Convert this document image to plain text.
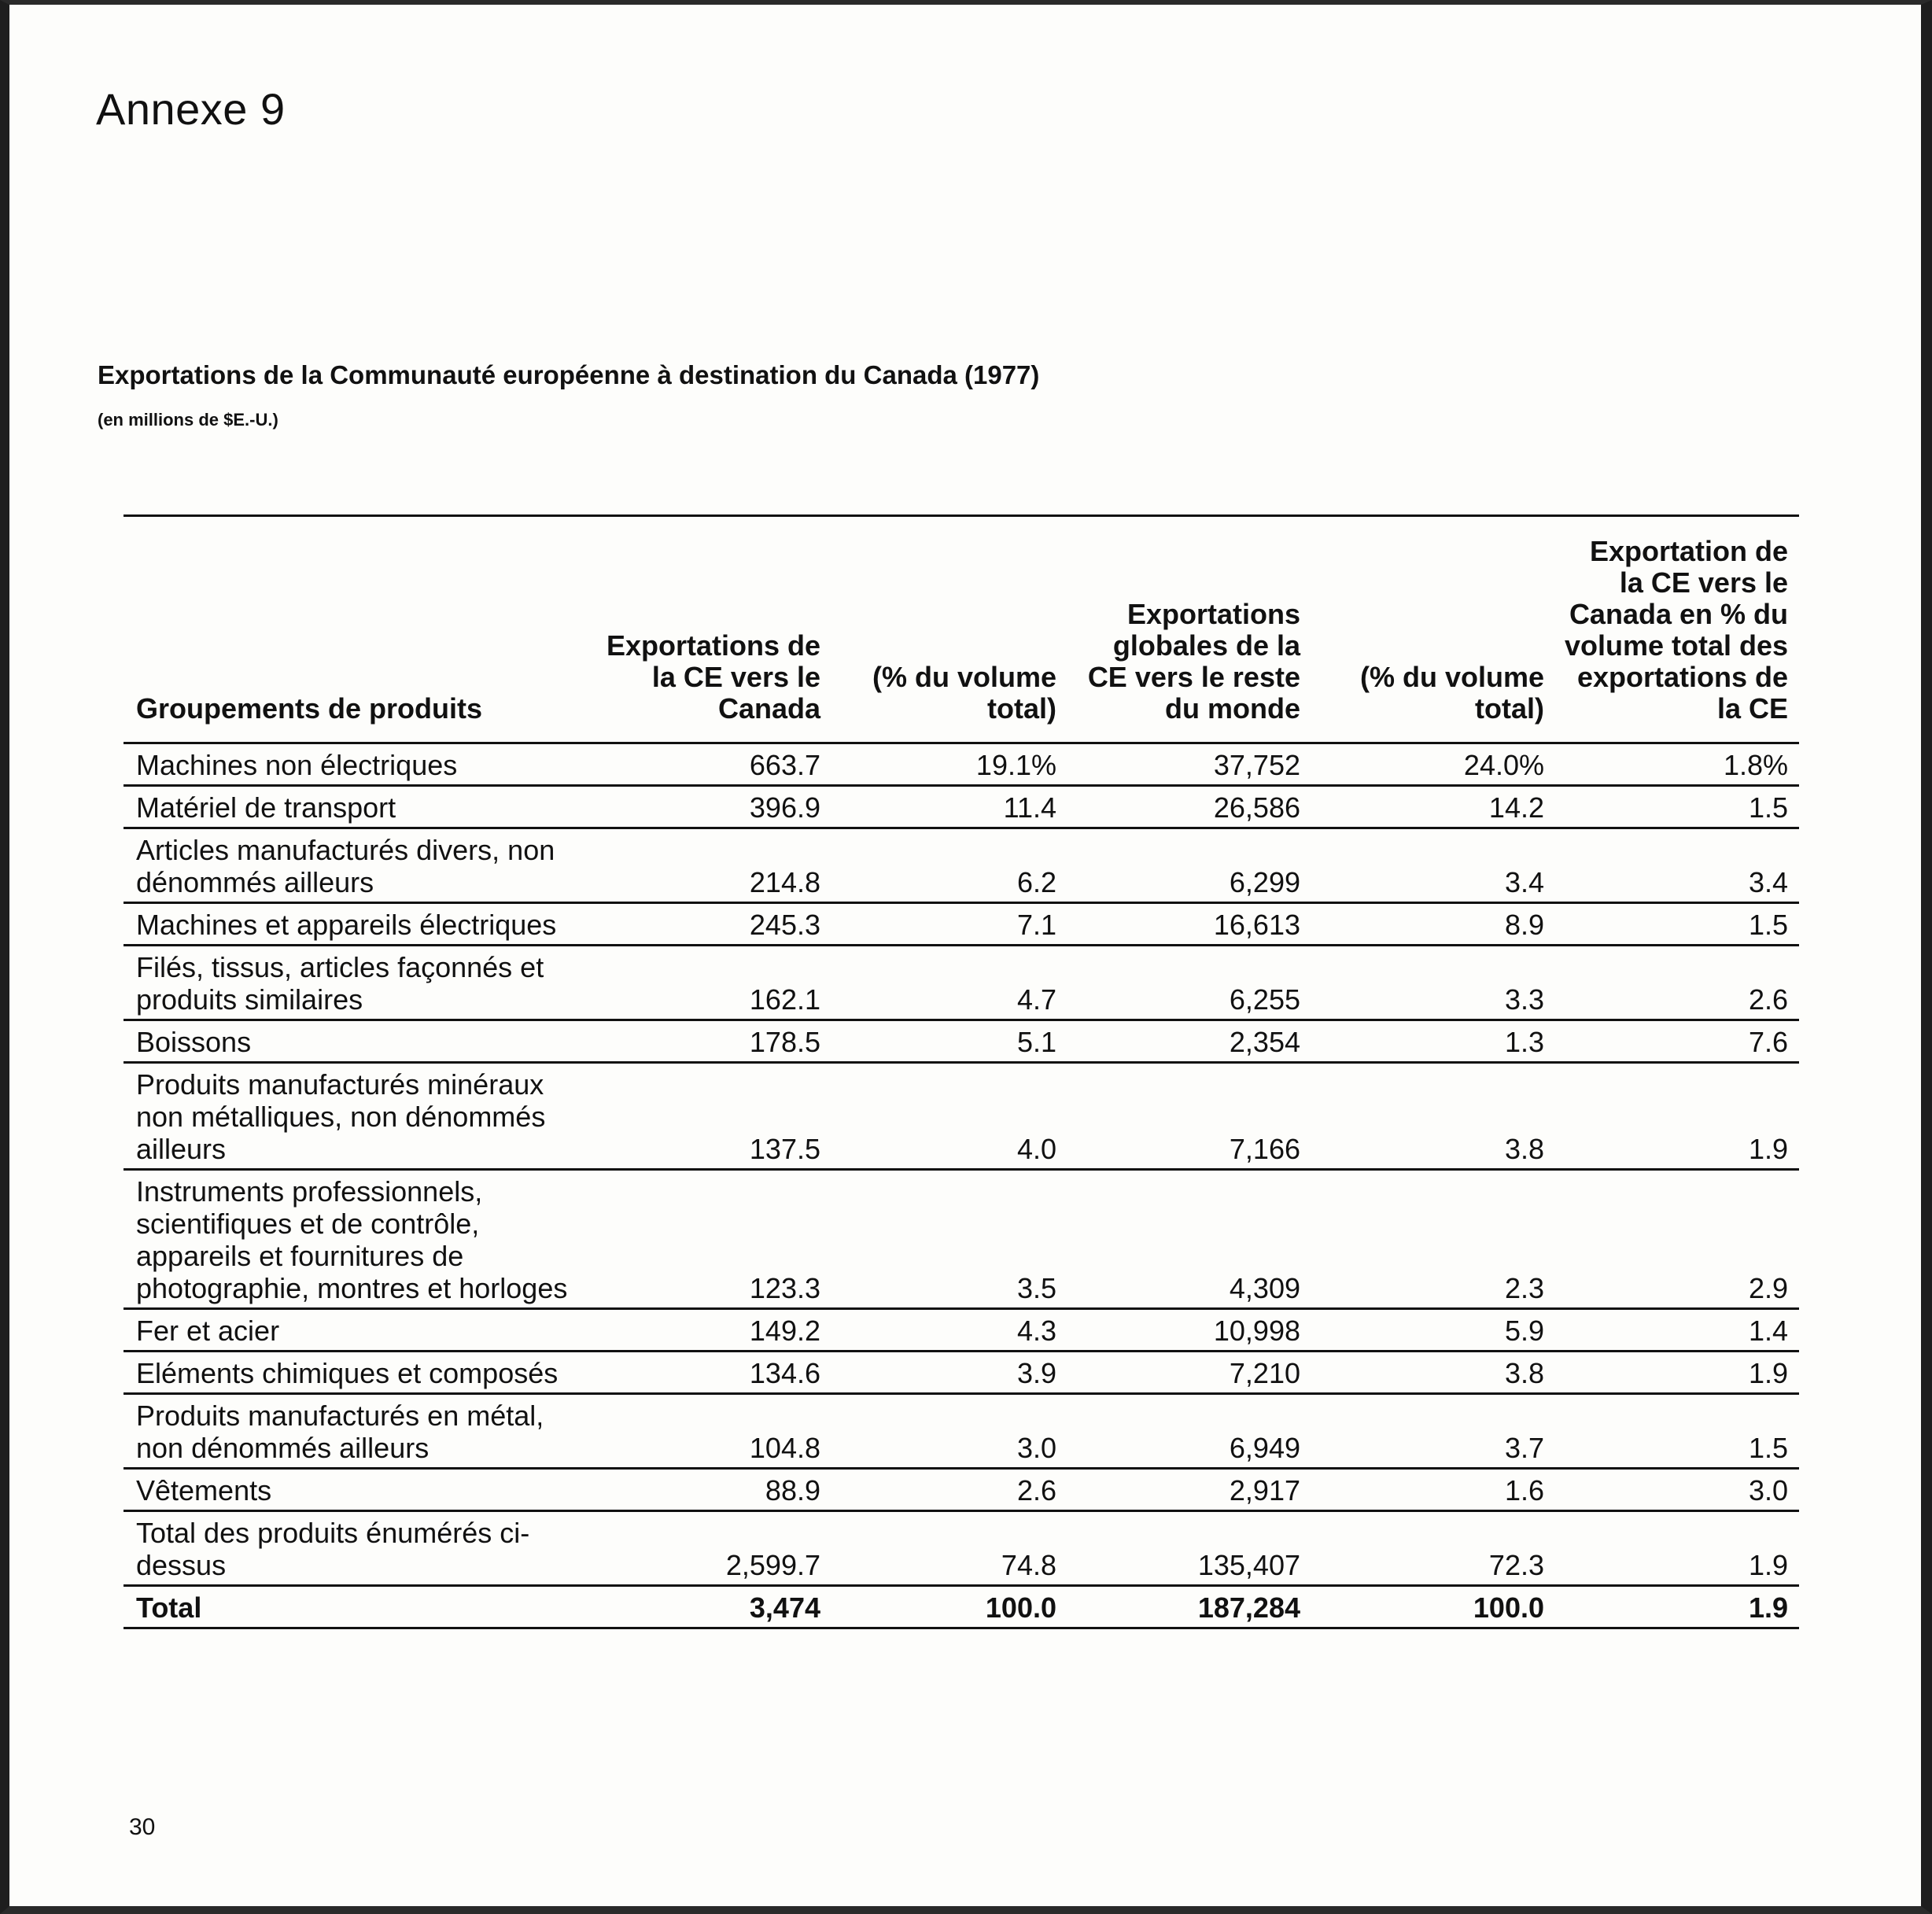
Annexe 9
Exportations de la Communauté européenne à destination du Canada (1977)

(en millions de $E.-U.)

Groupements de produits	Exportations de la CE vers le Canada	(% du volume total)	Exportations globales de la CE vers le reste du monde	(% du volume total)	Exportation de la CE vers le Canada en % du volume total des exportations de la CE
Machines non électriques	663.7	19.1%	37,752	24.0%	1.8%
Matériel de transport	396.9	11.4	26,586	14.2	1.5
Articles manufacturés divers, non dénommés ailleurs	214.8	6.2	6,299	3.4	3.4
Machines et appareils électriques	245.3	7.1	16,613	8.9	1.5
Filés, tissus, articles façonnés et produits similaires	162.1	4.7	6,255	3.3	2.6
Boissons	178.5	5.1	2,354	1.3	7.6
Produits manufacturés minéraux non métalliques, non dénommés ailleurs	137.5	4.0	7,166	3.8	1.9
Instruments professionnels, scientifiques et de contrôle, appareils et fournitures de photographie, montres et horloges	123.3	3.5	4,309	2.3	2.9
Fer et acier	149.2	4.3	10,998	5.9	1.4
Eléments chimiques et composés	134.6	3.9	7,210	3.8	1.9
Produits manufacturés en métal, non dénommés ailleurs	104.8	3.0	6,949	3.7	1.5
Vêtements	88.9	2.6	2,917	1.6	3.0
Total des produits énumérés ci-dessus	2,599.7	74.8	135,407	72.3	1.9
Total	3,474	100.0	187,284	100.0	1.9

30
